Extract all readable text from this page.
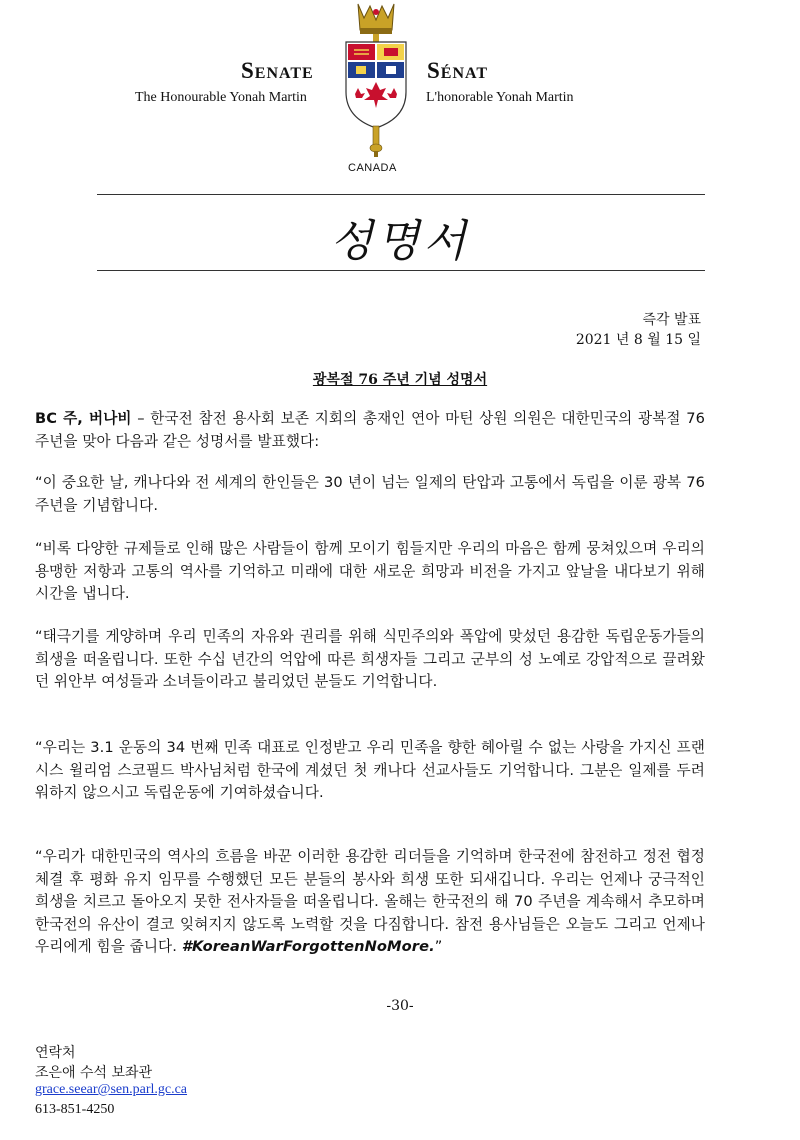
Senate	Sénat
The Honourable Yonah Martin	L'honorable Yonah Martin
CANADA
성명서
즉각 발표
2021 년 8 월 15 일
광복절 76 주년 기념 성명서
BC 주, 버나비 – 한국전 참전 용사회 보존 지회의 총재인 연아 마틴 상원 의원은 대한민국의 광복절 76 주년을 맞아 다음과 같은 성명서를 발표했다:
“이 중요한 날, 캐나다와 전 세계의 한인들은 30 년이 넘는 일제의 탄압과 고통에서 독립을 이룬 광복 76 주년을 기념합니다.
“비록 다양한 규제들로 인해 많은 사람들이 함께 모이기 힘들지만 우리의 마음은 함께 뭉쳐있으며 우리의 용맹한 저항과 고통의 역사를 기억하고 미래에 대한 새로운 희망과 비전을 가지고 앞날을 내다보기 위해 시간을 냅니다.
“태극기를 게양하며 우리 민족의 자유와 권리를 위해 식민주의와 폭압에 맞섰던 용감한 독립운동가들의 희생을 떠올립니다. 또한 수십 년간의 억압에 따른 희생자들 그리고 군부의 성 노예로 강압적으로 끌려왔던 위안부 여성들과 소녀들이라고 불리었던 분들도 기억합니다.
“우리는 3.1 운동의 34 번째 민족 대표로 인정받고 우리 민족을 향한 헤아릴 수 없는 사랑을 가지신 프랜시스 윌리엄 스코필드 박사님처럼 한국에 계셨던 첫 캐나다 선교사들도 기억합니다. 그분은 일제를 두려워하지 않으시고 독립운동에 기여하셨습니다.
“우리가 대한민국의 역사의 흐름을 바꾼 이러한 용감한 리더들을 기억하며 한국전에 참전하고 정전 협정 체결 후 평화 유지 임무를 수행했던 모든 분들의 봉사와 희생 또한 되새깁니다. 우리는 언제나 궁극적인 희생을 치르고 돌아오지 못한 전사자들을 떠올립니다. 올해는 한국전의 해 70 주년을 계속해서 추모하며 한국전의 유산이 결코 잊혀지지 않도록 노력할 것을 다짐합니다. 참전 용사님들은 오늘도 그리고 언제나 우리에게 힘을 줍니다. #KoreanWarForgottenNoMore.”
-30-
연락처
조은애 수석 보좌관
grace.seear@sen.parl.gc.ca
613-851-4250
